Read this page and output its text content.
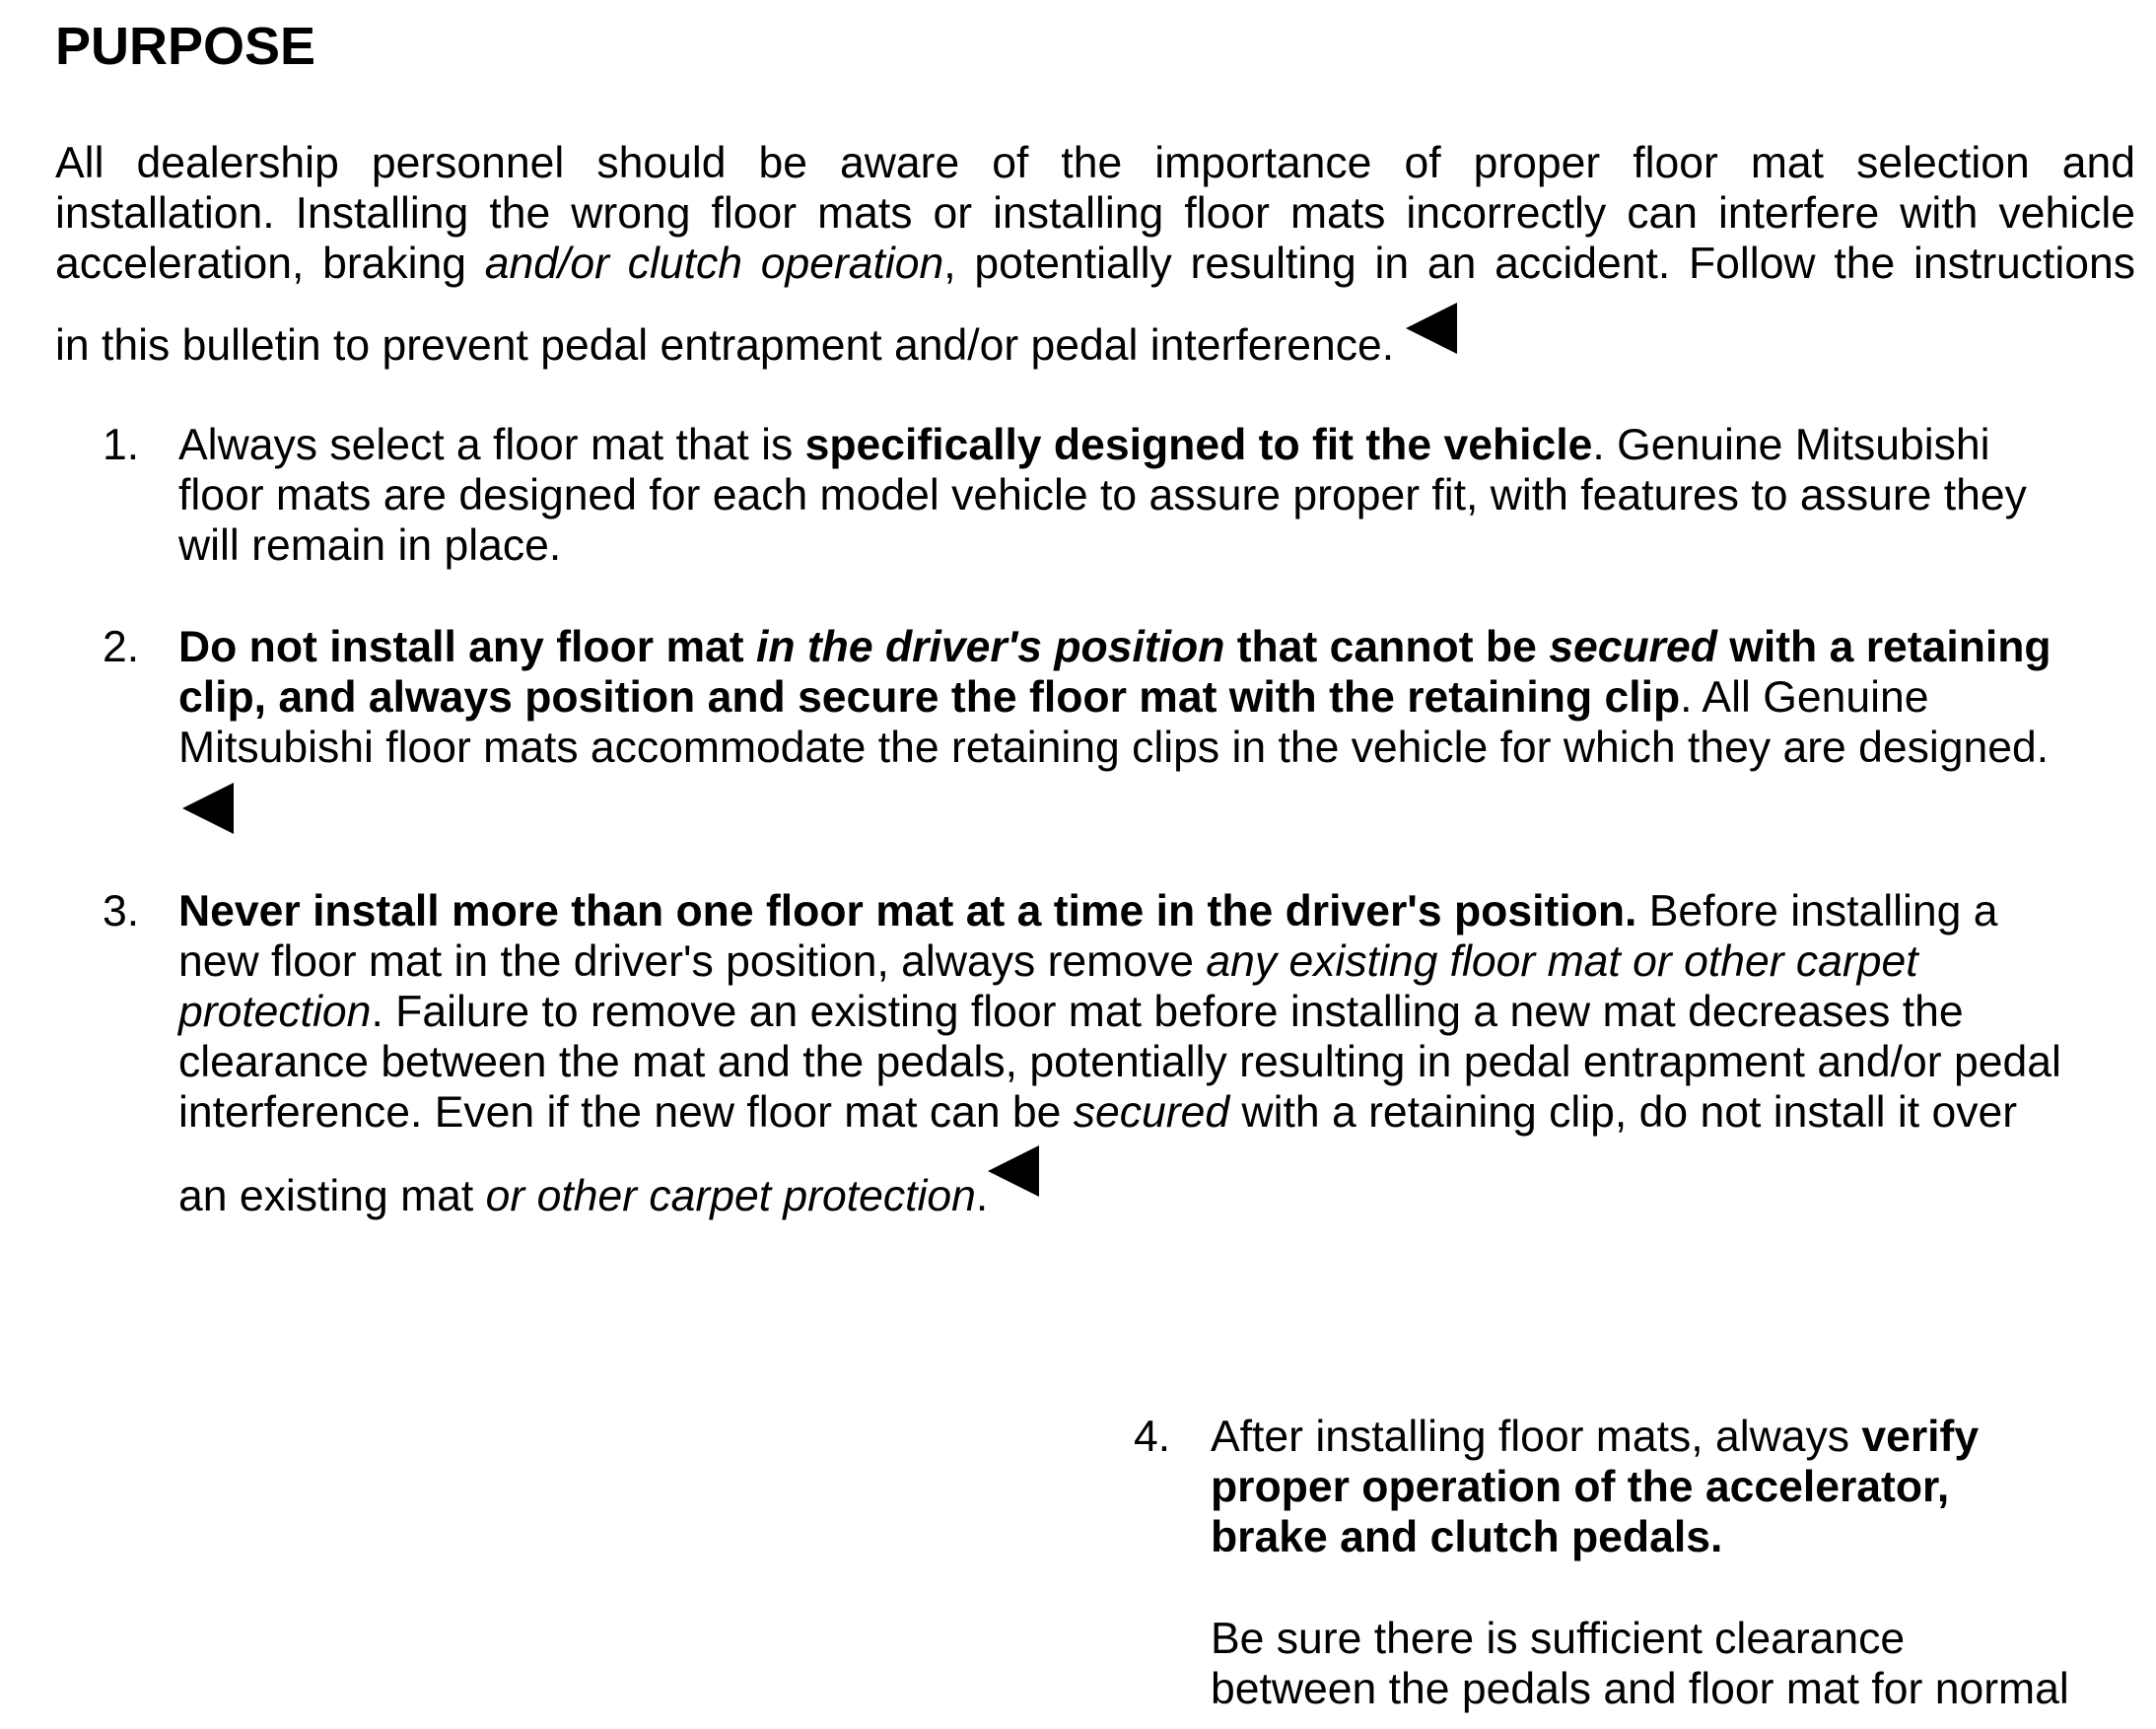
PURPOSE

All dealership personnel should be aware of the importance of proper floor mat selection and
installation. Installing the wrong floor mats or installing floor mats incorrectly can interfere with vehicle
acceleration, braking and/or clutch operation, potentially resulting in an accident. Follow the instructions
in this bulletin to prevent pedal entrapment and/or pedal interference.

1. Always select a floor mat that is specifically designed to fit the vehicle. Genuine Mitsubishi
floor mats are designed for each model vehicle to assure proper fit, with features to assure they
will remain in place.
2. Do not install any floor mat in the driver's position that cannot be secured with a retaining
clip, and always position and secure the floor mat with the retaining clip. All Genuine
Mitsubishi floor mats accommodate the retaining clips in the vehicle for which they are designed.
3. Never install more than one floor mat at a time in the driver's position. Before installing a
new floor mat in the driver's position, always remove any existing floor mat or other carpet
protection. Failure to remove an existing floor mat before installing a new mat decreases the
clearance between the mat and the pedals, potentially resulting in pedal entrapment and/or pedal
interference. Even if the new floor mat can be secured with a retaining clip, do not install it over
an existing mat or other carpet protection.
4. After installing floor mats, always verify
proper operation of the accelerator,
brake and clutch pedals.
Be sure there is sufficient clearance
between the pedals and floor mat for normal
